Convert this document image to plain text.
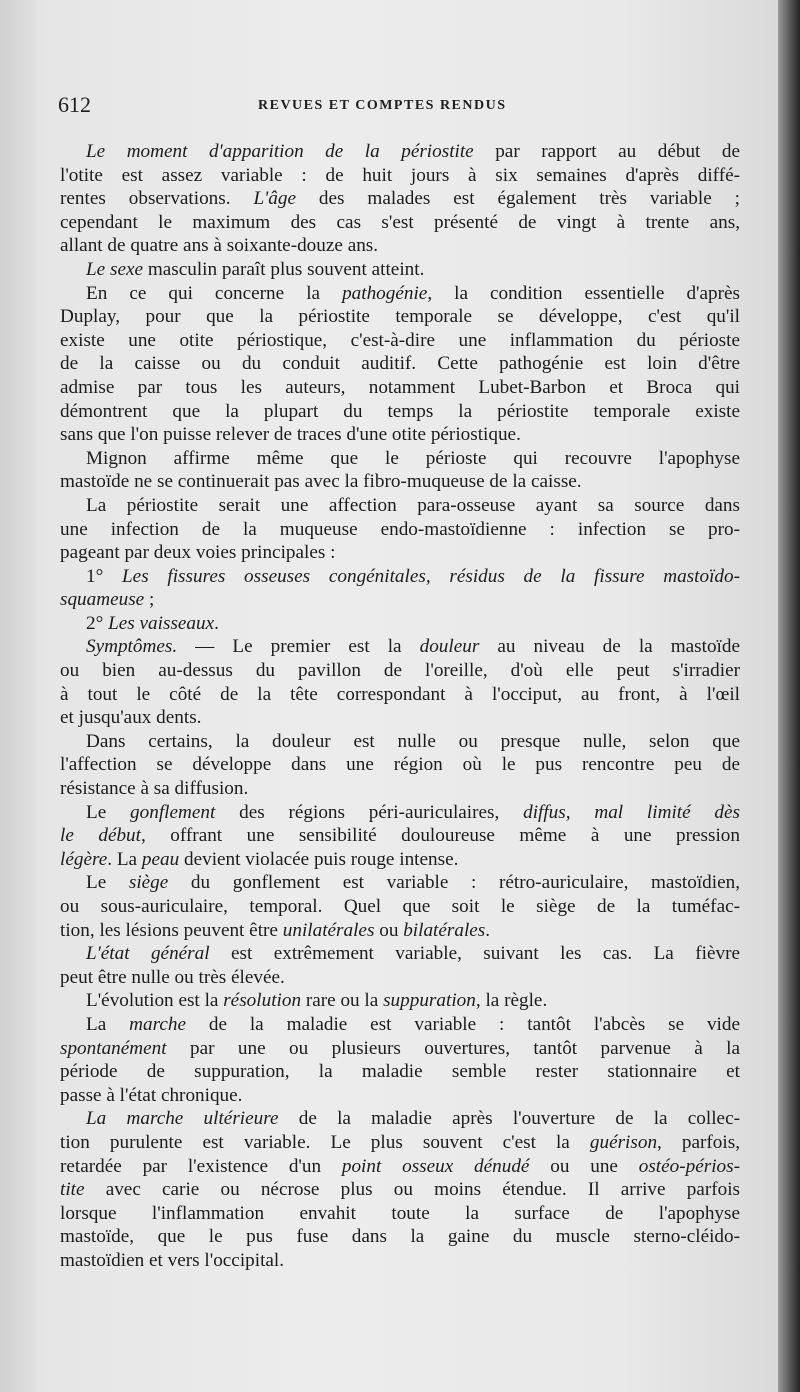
612	REVUES ET COMPTES RENDUS
Le moment d'apparition de la périostite par rapport au début de
l'otite est assez variable : de huit jours à six semaines d'après diffé-
rentes observations. L'âge des malades est également très variable ;
cependant le maximum des cas s'est présenté de vingt à trente ans,
allant de quatre ans à soixante-douze ans.
Le sexe masculin paraît plus souvent atteint.
En ce qui concerne la pathogénie, la condition essentielle d'après
Duplay, pour que la périostite temporale se développe, c'est qu'il
existe une otite périostique, c'est-à-dire une inflammation du périoste
de la caisse ou du conduit auditif. Cette pathogénie est loin d'être
admise par tous les auteurs, notamment Lubet-Barbon et Broca qui
démontrent que la plupart du temps la périostite temporale existe
sans que l'on puisse relever de traces d'une otite périostique.
Mignon affirme même que le périoste qui recouvre l'apophyse
mastoïde ne se continuerait pas avec la fibro-muqueuse de la caisse.
La périostite serait une affection para-osseuse ayant sa source dans
une infection de la muqueuse endo-mastoïdienne : infection se pro-
pageant par deux voies principales :
1° Les fissures osseuses congénitales, résidus de la fissure mastoïdo-
squameuse ;
2° Les vaisseaux.
Symptômes. — Le premier est la douleur au niveau de la mastoïde
ou bien au-dessus du pavillon de l'oreille, d'où elle peut s'irradier
à tout le côté de la tête correspondant à l'occiput, au front, à l'œil
et jusqu'aux dents.
Dans certains, la douleur est nulle ou presque nulle, selon que
l'affection se développe dans une région où le pus rencontre peu de
résistance à sa diffusion.
Le gonflement des régions péri-auriculaires, diffus, mal limité dès
le début, offrant une sensibilité douloureuse même à une pression
légère. La peau devient violacée puis rouge intense.
Le siège du gonflement est variable : rétro-auriculaire, mastoïdien,
ou sous-auriculaire, temporal. Quel que soit le siège de la tuméfac-
tion, les lésions peuvent être unilatérales ou bilatérales.
L'état général est extrêmement variable, suivant les cas. La fièvre
peut être nulle ou très élevée.
L'évolution est la résolution rare ou la suppuration, la règle.
La marche de la maladie est variable : tantôt l'abcès se vide
spontanément par une ou plusieurs ouvertures, tantôt parvenue à la
période de suppuration, la maladie semble rester stationnaire et
passe à l'état chronique.
La marche ultérieure de la maladie après l'ouverture de la collec-
tion purulente est variable. Le plus souvent c'est la guérison, parfois,
retardée par l'existence d'un point osseux dénudé ou une ostéo-périos-
tite avec carie ou nécrose plus ou moins étendue. Il arrive parfois
lorsque l'inflammation envahit toute la surface de l'apophyse
mastoïde, que le pus fuse dans la gaine du muscle sterno-cléido-
mastoïdien et vers l'occipital.
